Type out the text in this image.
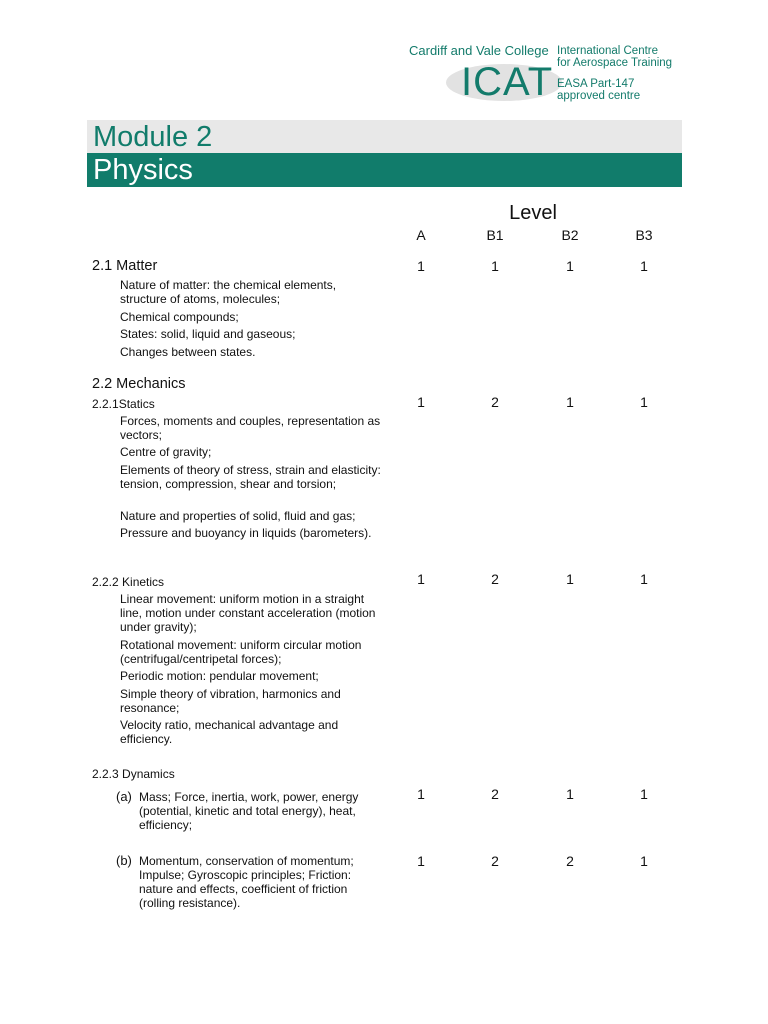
Cardiff and Vale College
ICAT
International Centre
for Aerospace Training
EASA Part-147
approved centre
Module 2
Physics
Level
A	B1	B2	B3
2.1 Matter	1	1	1	1
Nature of matter: the chemical elements, structure of atoms, molecules;
Chemical compounds;
States: solid, liquid and gaseous;
Changes between states.
2.2 Mechanics
2.2.1Statics	1	2	1	1
Forces, moments and couples, representation as vectors;
Centre of gravity;
Elements of theory of stress, strain and elasticity: tension, compression, shear and torsion;
Nature and properties of solid, fluid and gas;
Pressure and buoyancy in liquids (barometers).
2.2.2 Kinetics	1	2	1	1
Linear movement: uniform motion in a straight line, motion under constant acceleration (motion under gravity);
Rotational movement: uniform circular motion (centrifugal/centripetal forces);
Periodic motion: pendular movement;
Simple theory of vibration, harmonics and resonance;
Velocity ratio, mechanical advantage and efficiency.
2.2.3 Dynamics
(a) Mass; Force, inertia, work, power, energy (potential, kinetic and total energy), heat, efficiency;
1	2	1	1
(b) Momentum, conservation of momentum; Impulse; Gyroscopic principles; Friction: nature and effects, coefficient of friction (rolling resistance).
1	2	2	1
